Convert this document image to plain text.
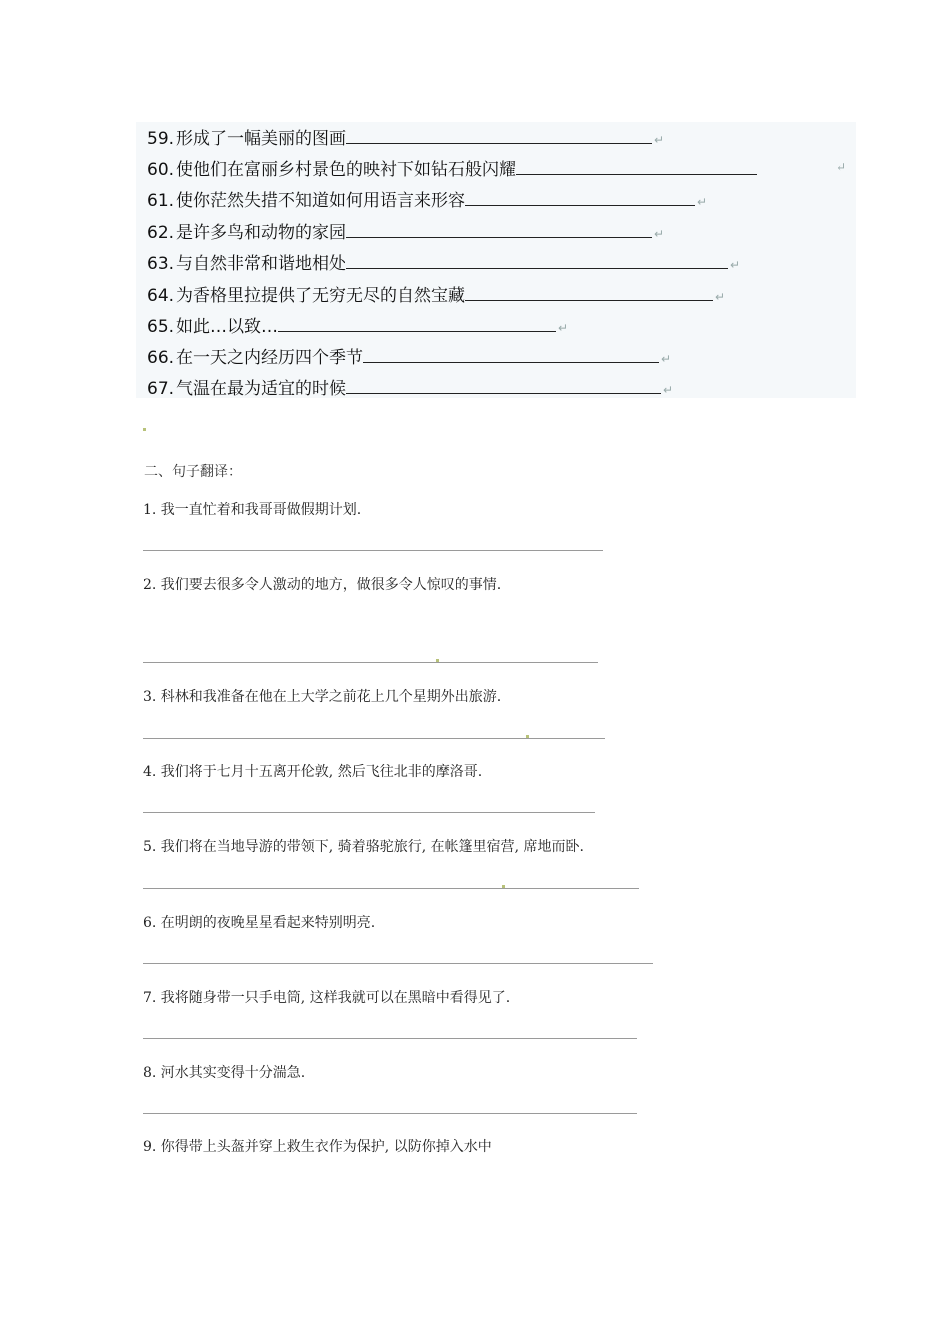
59. 形成了一幅美丽的图画	↵
60. 使他们在富丽乡村景色的映衬下如钻石般闪耀	↵
61. 使你茫然失措不知道如何用语言来形容	↵
62. 是许多鸟和动物的家园	↵
63. 与自然非常和谐地相处	↵
64. 为香格里拉提供了无穷无尽的自然宝藏	↵
65. 如此…以致…	↵
66. 在一天之内经历四个季节	↵
67. 气温在最为适宜的时候	↵
二、句子翻译：
1. 我一直忙着和我哥哥做假期计划.
2. 我们要去很多令人激动的地方，做很多令人惊叹的事情.
3. 科林和我准备在他在上大学之前花上几个星期外出旅游.
4. 我们将于七月十五离开伦敦, 然后飞往北非的摩洛哥.
5. 我们将在当地导游的带领下, 骑着骆驼旅行, 在帐篷里宿营, 席地而卧.
6. 在明朗的夜晚星星看起来特别明亮.
7. 我将随身带一只手电筒, 这样我就可以在黑暗中看得见了.
8. 河水其实变得十分湍急.
9. 你得带上头盔并穿上救生衣作为保护, 以防你掉入水中
